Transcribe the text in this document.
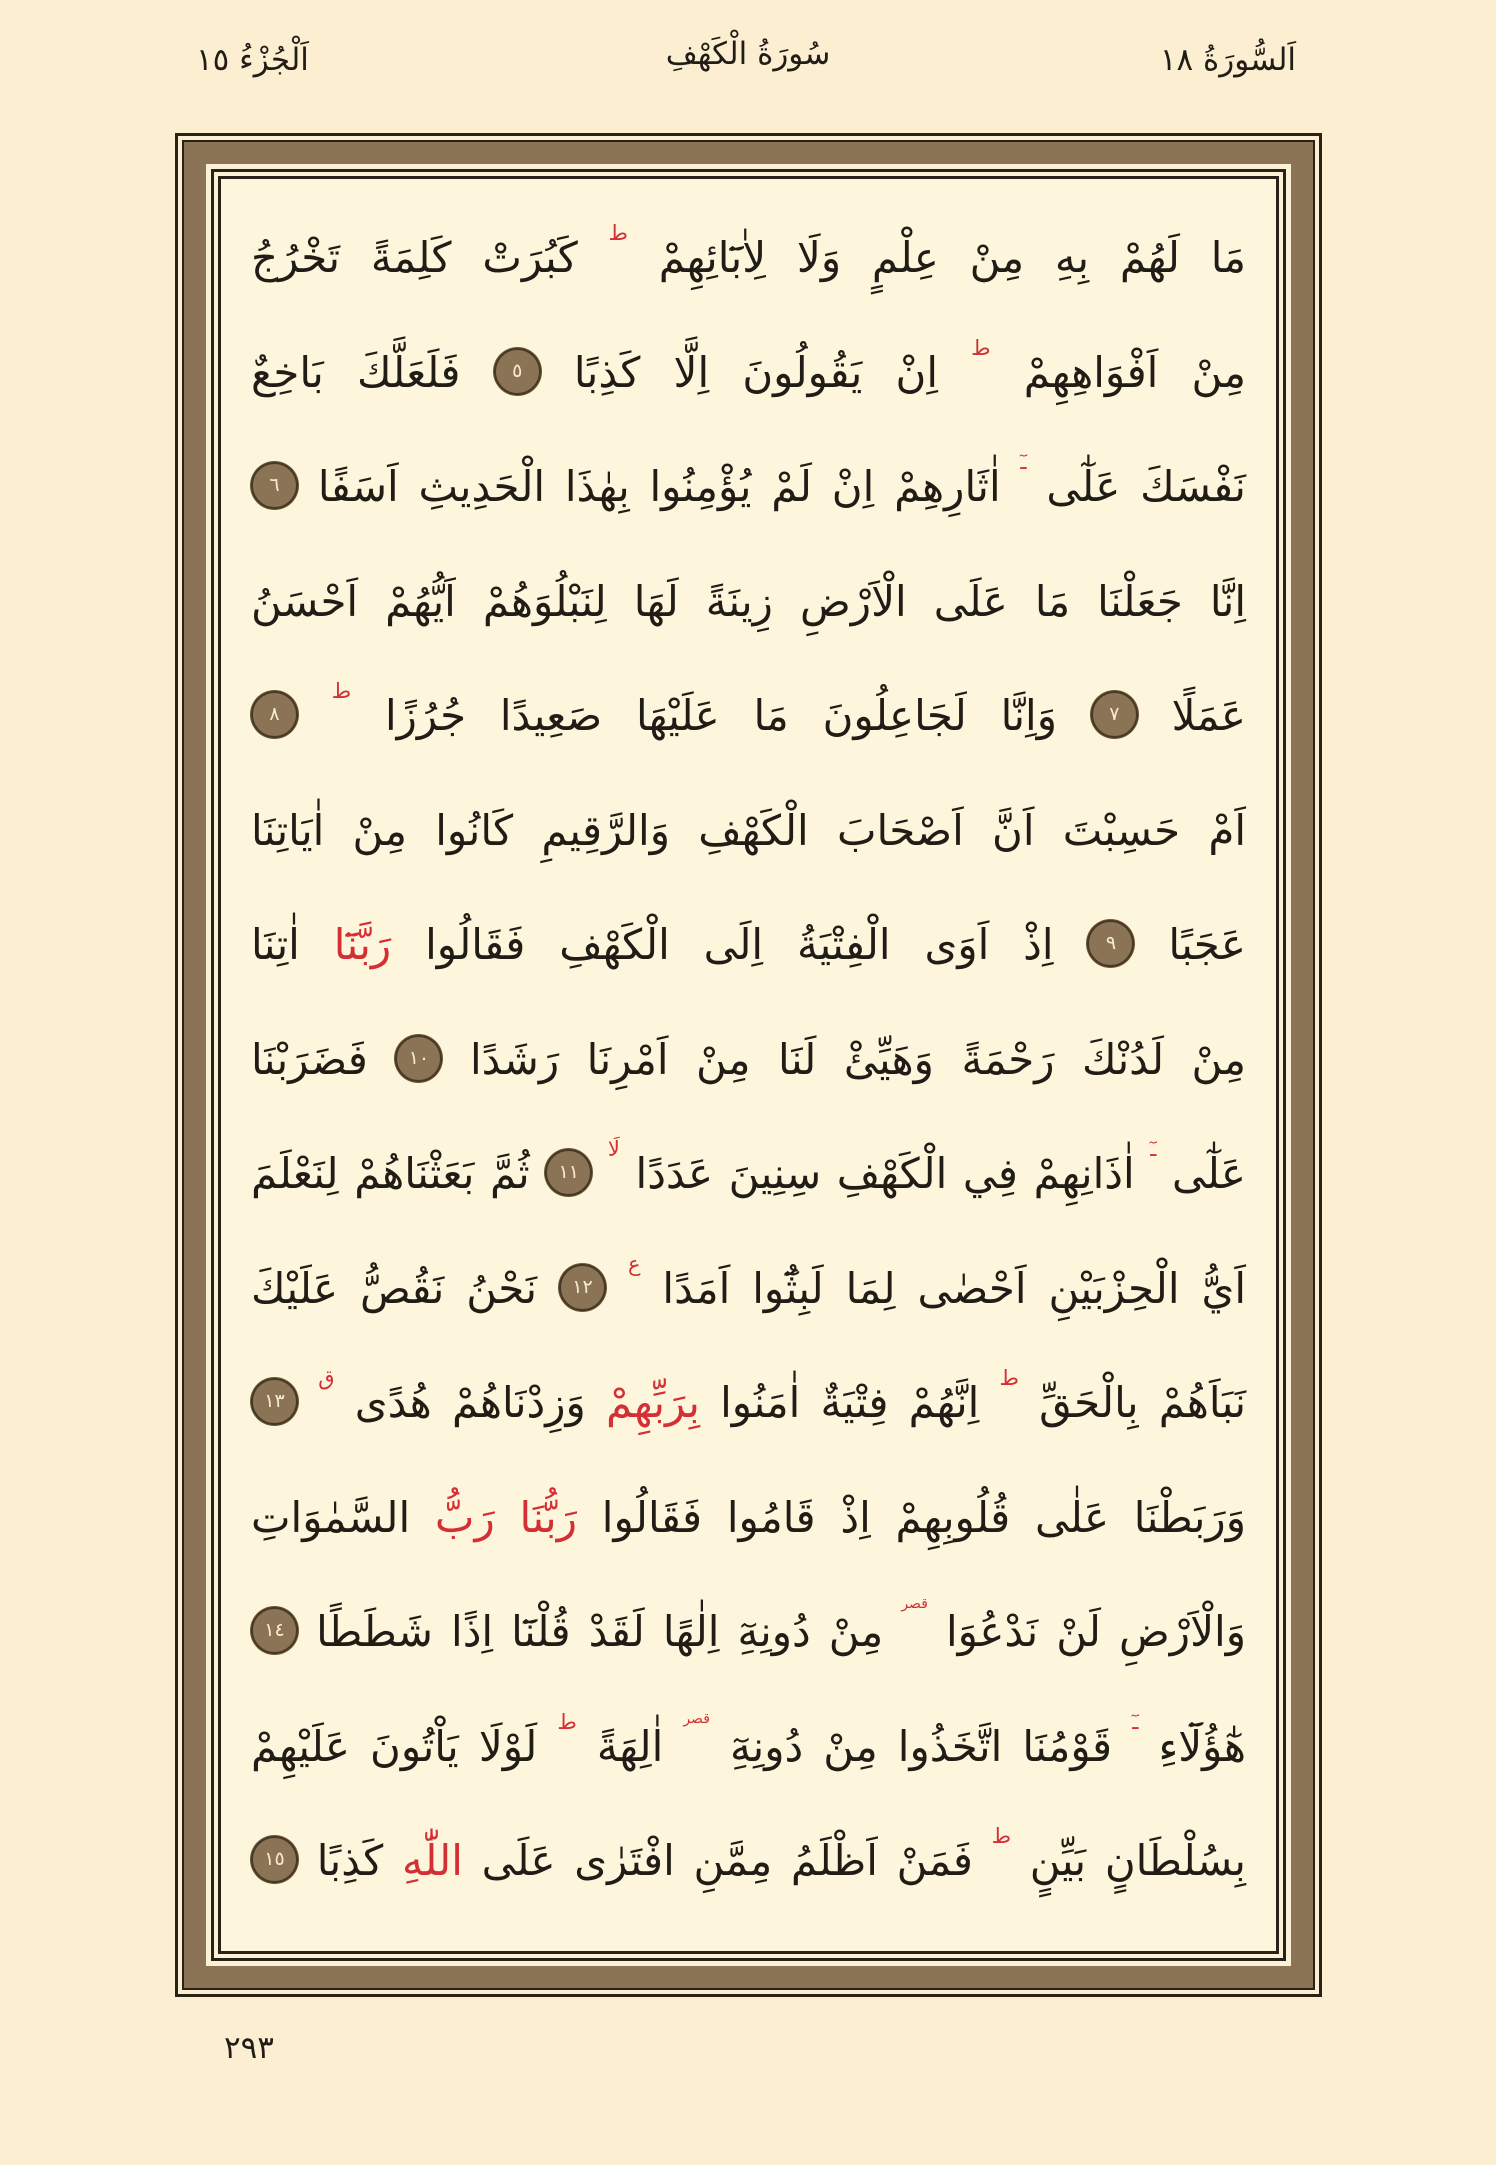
اَلْجُزْءُ ١٥	سُورَةُ الْكَهْفِ	اَلسُّورَةُ ١٨
مَا لَهُمْ بِهِ مِنْ عِلْمٍ وَلَا لِاٰبَٓائِهِمْ $^ط$ كَبُرَتْ كَلِمَةً تَخْرُجُ
مِنْ اَفْوَاهِهِمْ $^ط$ اِنْ يَقُولُونَ اِلَّا كَذِبًا ٥ فَلَعَلَّكَ بَاخِعٌ
نَفْسَكَ عَلٰٓى $^{ـٓ}$ اٰثَارِهِمْ اِنْ لَمْ يُؤْمِنُوا بِهٰذَا الْحَدِيثِ اَسَفًا ٦
اِنَّا جَعَلْنَا مَا عَلَى الْاَرْضِ زِينَةً لَهَا لِنَبْلُوَهُمْ اَيُّهُمْ اَحْسَنُ
عَمَلًا ٧ وَاِنَّا لَجَاعِلُونَ مَا عَلَيْهَا صَعِيدًا جُرُزًا $^ط$ ٨
اَمْ حَسِبْتَ اَنَّ اَصْحَابَ الْكَهْفِ وَالرَّقِيمِ كَانُوا مِنْ اٰيَاتِنَا
عَجَبًا ٩ اِذْ اَوَى الْفِتْيَةُ اِلَى الْكَهْفِ فَقَالُوا رَبَّنَٓا اٰتِنَا
مِنْ لَدُنْكَ رَحْمَةً وَهَيِّئْ لَنَا مِنْ اَمْرِنَا رَشَدًا ١٠ فَضَرَبْنَا
عَلٰٓى $^{ـٓ}$ اٰذَانِهِمْ فِي الْكَهْفِ سِنِينَ عَدَدًا $^{لَا}$ ١١ ثُمَّ بَعَثْنَاهُمْ لِنَعْلَمَ
اَيُّ الْحِزْبَيْنِ اَحْصٰى لِمَا لَبِثُٓوا اَمَدًا $^ع$ ١٢ نَحْنُ نَقُصُّ عَلَيْكَ
نَبَاَهُمْ بِالْحَقِّ $^ط$ اِنَّهُمْ فِتْيَةٌ اٰمَنُوا بِرَبِّهِمْ وَزِدْنَاهُمْ هُدًى $^ق$ ١٣
وَرَبَطْنَا عَلٰى قُلُوبِهِمْ اِذْ قَامُوا فَقَالُوا رَبُّنَا رَبُّ السَّمٰوَاتِ
وَالْاَرْضِ لَنْ نَدْعُوَا $^{قصر}$ مِنْ دُونِهِٓ اِلٰهًا لَقَدْ قُلْنَٓا اِذًا شَطَطًا ١٤
هٰٓؤُلَٓاءِ $^{ـٓ}$ قَوْمُنَا اتَّخَذُوا مِنْ دُونِهِٓ $^{قصر}$ اٰلِهَةً $^ط$ لَوْلَا يَاْتُونَ عَلَيْهِمْ
بِسُلْطَانٍ بَيِّنٍ $^ط$ فَمَنْ اَظْلَمُ مِمَّنِ افْتَرٰى عَلَى اللّٰهِ كَذِبًا ١٥
٢٩٣
